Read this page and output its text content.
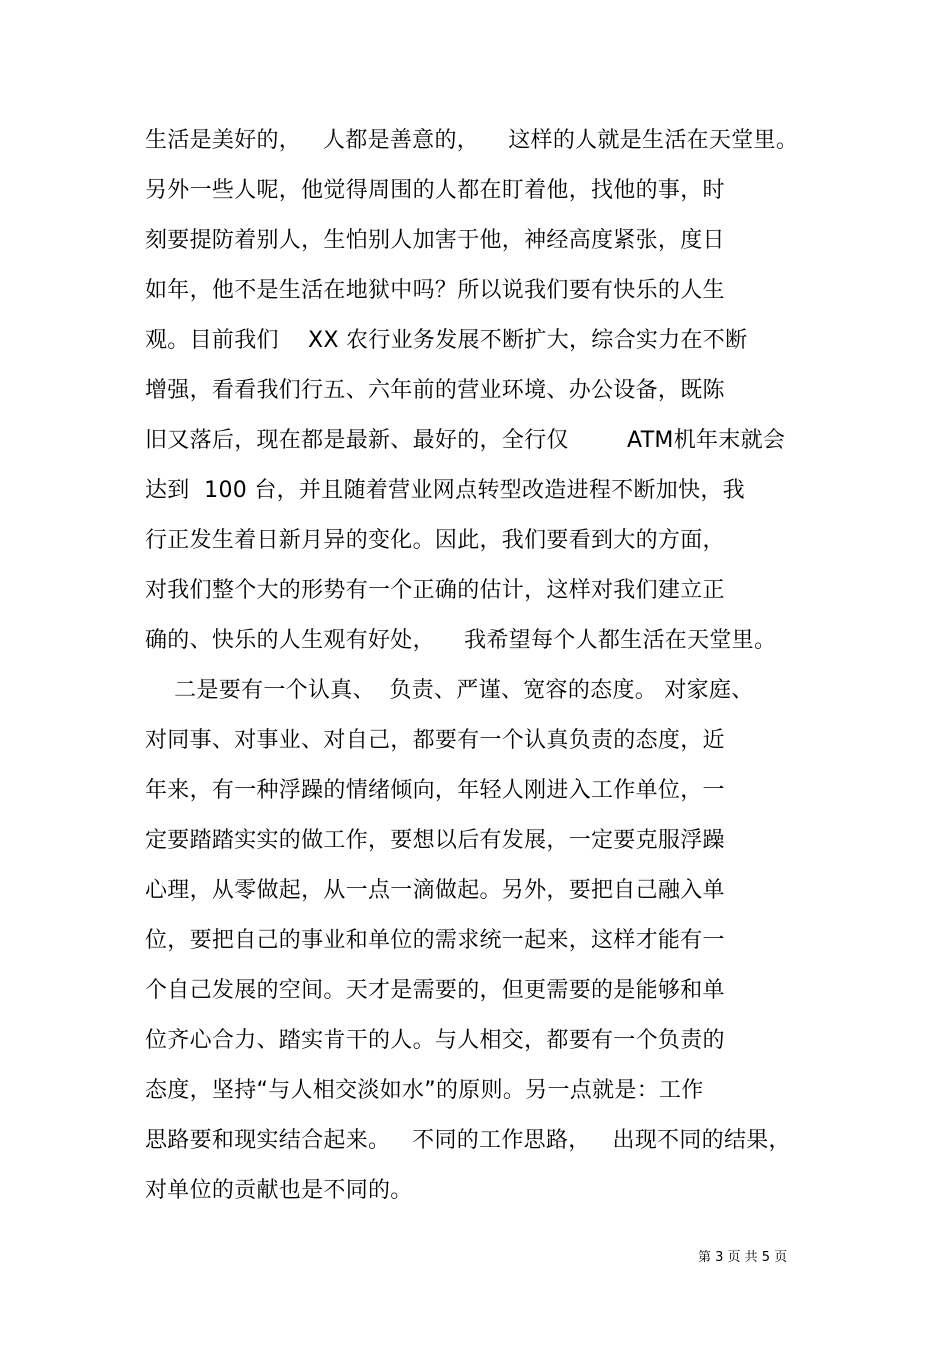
生活是美好的，   人都是善意的，    这样的人就是生活在天堂里。
另外一些人呢，他觉得周围的人都在盯着他，找他的事，时
刻要提防着别人，生怕别人加害于他，神经高度紧张，度日
如年，他不是生活在地狱中吗？所以说我们要有快乐的人生
观。目前我们    XX 农行业务发展不断扩大，综合实力在不断
增强，看看我们行五、六年前的营业环境、办公设备，既陈
旧又落后，现在都是最新、最好的，全行仅        ATM机年末就会
达到  100 台，并且随着营业网点转型改造进程不断加快，我
行正发生着日新月异的变化。因此，我们要看到大的方面，
对我们整个大的形势有一个正确的估计，这样对我们建立正
确的、快乐的人生观有好处，    我希望每个人都生活在天堂里。
二是要有一个认真、  负责、严谨、宽容的态度。 对家庭、
对同事、对事业、对自己，都要有一个认真负责的态度，近
年来，有一种浮躁的情绪倾向，年轻人刚进入工作单位，一
定要踏踏实实的做工作，要想以后有发展，一定要克服浮躁
心理，从零做起，从一点一滴做起。另外，要把自己融入单
位，要把自己的事业和单位的需求统一起来，这样才能有一
个自己发展的空间。天才是需要的，但更需要的是能够和单
位齐心合力、踏实肯干的人。与人相交，都要有一个负责的
态度，坚持“与人相交淡如水”的原则。另一点就是：工作
思路要和现实结合起来。   不同的工作思路，   出现不同的结果，
对单位的贡献也是不同的。
第 3 页 共 5 页
